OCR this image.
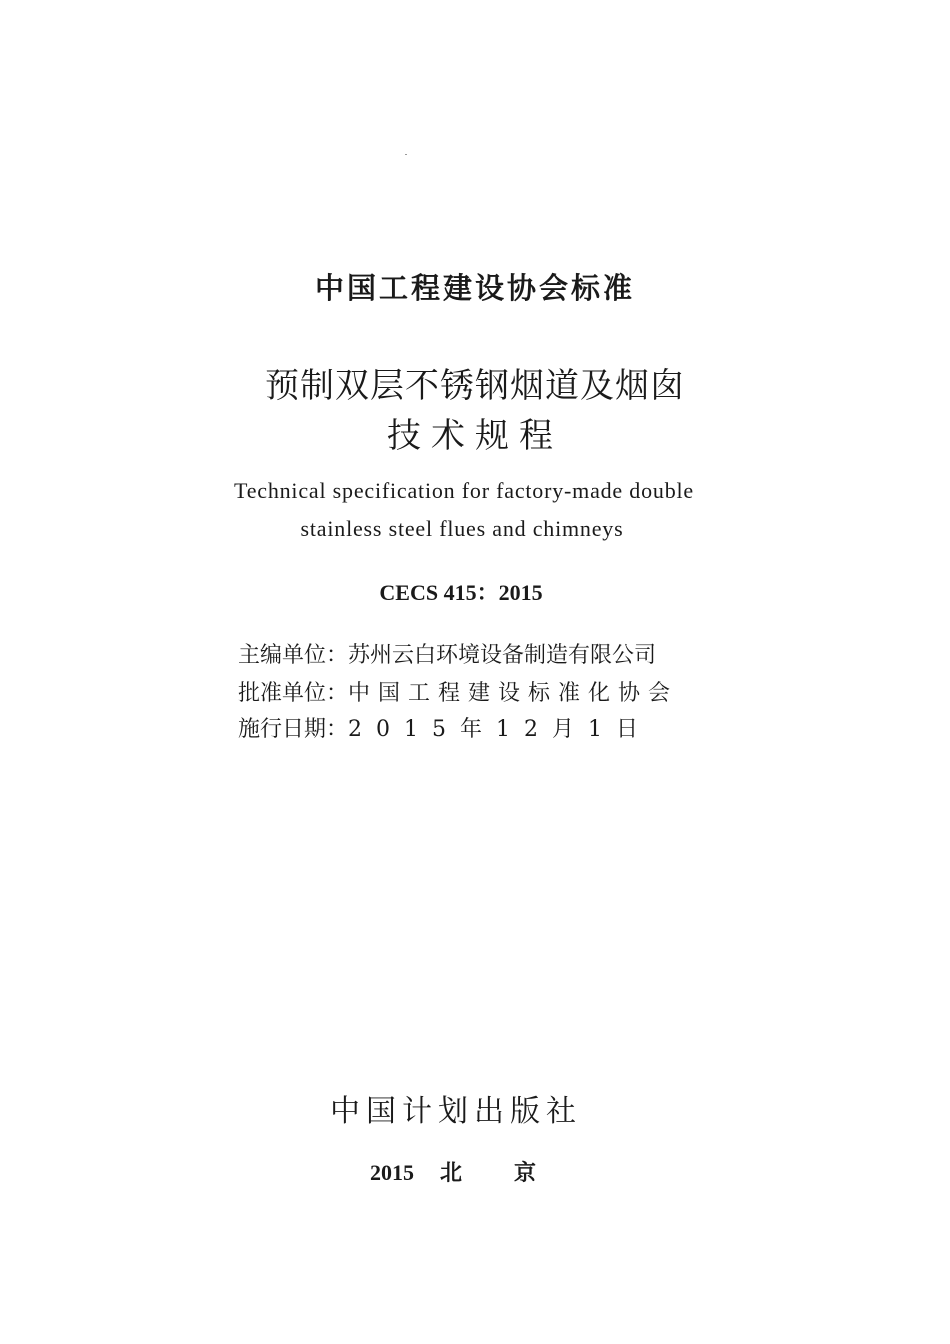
中国工程建设协会标准
预制双层不锈钢烟道及烟囱
技术规程
Technical specification for factory-made double
stainless steel flues and chimneys
CECS 415：2015
主编单位：苏州云白环境设备制造有限公司
批准单位：中国工程建设标准化协会
施行日期：2015年12月1日
中国计划出版社
2015 北 京
